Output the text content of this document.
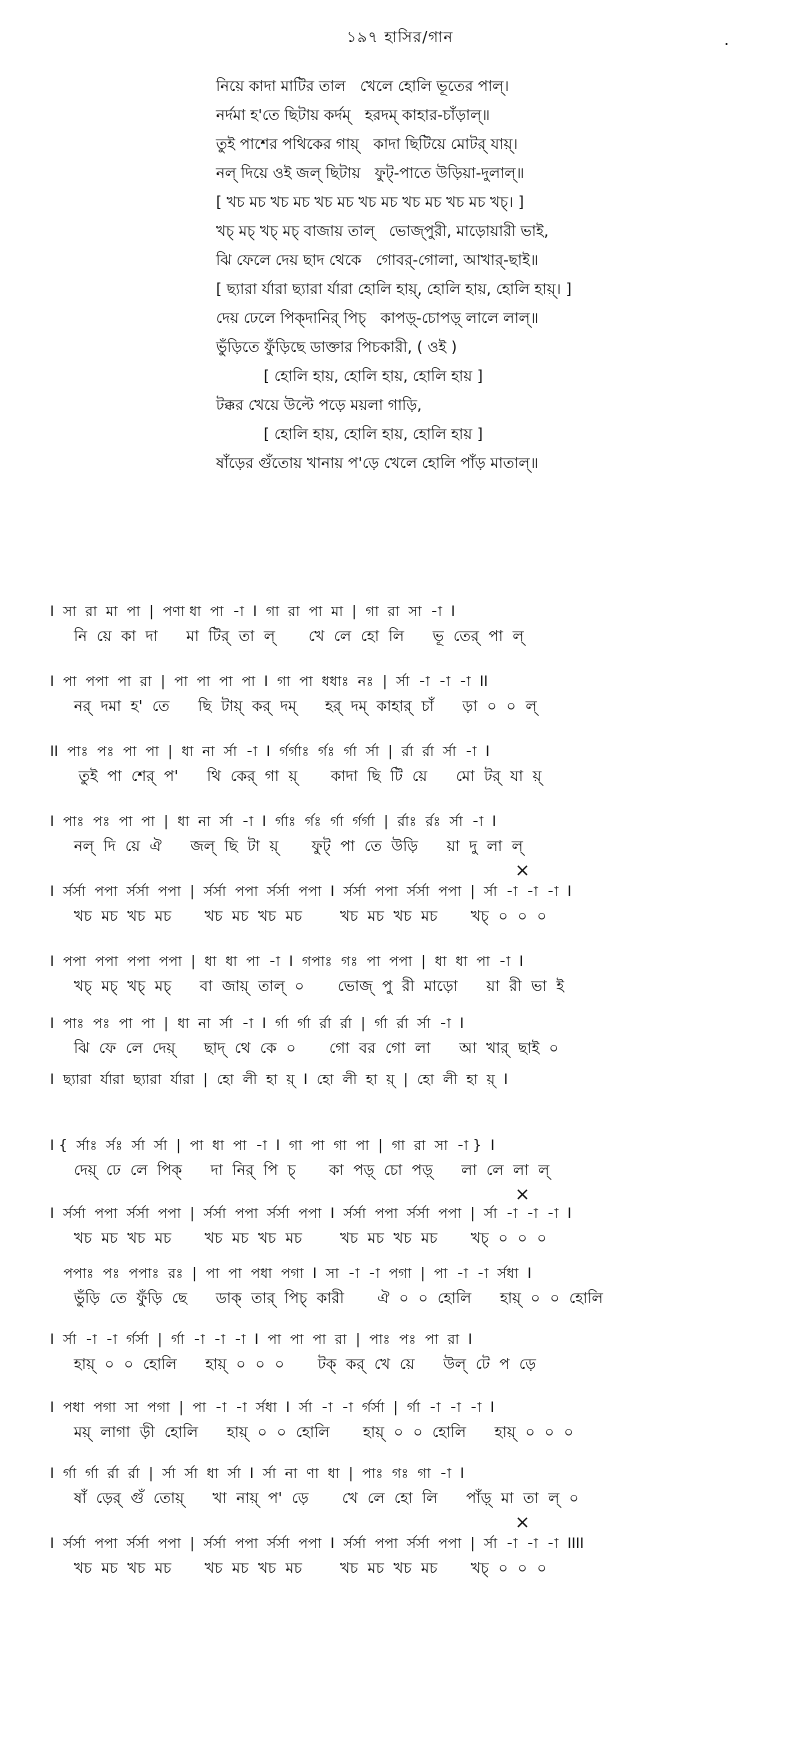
১৯৭ হাসির/গান	.
নিয়ে কাদা মাটির তাল   খেলে হোলি ভূতের পাল্।
নর্দমা হ'তে ছিটায় কর্দম্   হরদম্ কাহার-চাঁড়াল্॥
তুই পাশের পথিকের গায়্   কাদা ছিটিয়ে মোটর্ যায়্।
নল্ দিয়ে ওই জল্ ছিটায়   ফুট্-পাতে উড়িয়া-দুলাল্॥
[ খচ মচ খচ মচ খচ মচ খচ মচ খচ মচ খচ মচ খচ্। ]
খচ্ মচ্ খচ্ মচ্ বাজায় তাল্   ভোজ্পুরী, মাড়োয়ারী ভাই,
ঝি ফেলে দেয় ছাদ থেকে   গোবর্-গোলা, আখার্-ছাই॥
[ ছ্যারা র্যারা ছ্যারা র্যারা হোলি হায়্, হোলি হায়, হোলি হায়্। ]
দেয় ঢেলে পিক্দানির্ পিচ্   কাপড়্-চোপড়্ লালে লাল্॥
ভুঁড়িতে ফুঁড়িছে ডাক্তার পিচকারী, ( ওই )
[ হোলি হায়, হোলি হায়, হোলি হায় ]
টক্কর খেয়ে উল্টে পড়ে ময়লা গাড়ি,
[ হোলি হায়, হোলি হায়, হোলি হায় ]
ষাঁড়ের গুঁতোয় খানায় প'ড়ে খেলে হোলি পাঁড় মাতাল্॥
I  সা  রা  মা  পা  |  পণা ধা  পা  -া  I  গা  রা  পা  মা  |  গা  রা  সা  -া  I
নি  য়ে  কা  দা      মা  টির্  তা  ল্       খে  লে  হো  লি      ভূ  তের্  পা  ল্
I  পা  পপা  পা  রা  |  পা  পা  পা  পা  I  গা  পা  ধধাঃ  নঃ  |  র্সা  -া  -া  -া  II
নর্  দমা  হ'  তে      ছি  টায়্  কর্  দম্      হর্  দম্  কাহার্  চাঁ      ড়া  ০  ০  ল্
II  পাঃ  পঃ  পা  পা  |  ধা  না  র্সা  -া  I  র্গর্গাঃ  র্গঃ  র্গা  র্সা  |  র্রা  র্রা  র্সা  -া  I
তুই  পা  শের্  প'      থি  কের্  গা  য়্       কাদা  ছি  টি  য়ে      মো  টর্  যা  য়্
I  পাঃ  পঃ  পা  পা  |  ধা  না  র্সা  -া  I  র্গাঃ  র্গঃ  র্গা  র্গর্গা  |  র্রাঃ  র্রঃ  র্সা  -া  I
নল্  দি  য়ে  ঐ      জল্  ছি  টা  য়্       ফুট্  পা  তে  উড়ি      য়া  দু  লা  ল্
×
I  র্সর্সা  পপা  র্সর্সা  পপা  |  র্সর্সা  পপা  র্সর্সা  পপা  I  র্সর্সা  পপা  র্সর্সা  পপা  |  র্সা  -া  -া  -া  I
খচ  মচ  খচ  মচ       খচ  মচ  খচ  মচ        খচ  মচ  খচ  মচ       খচ্  ০  ০  ০
I  পপা  পপা  পপা  পপা  |  ধা  ধা  পা  -া  I  গপাঃ  গঃ  পা  পপা  |  ধা  ধা  পা  -া  I
খচ্  মচ্  খচ্  মচ্      বা  জায়্  তাল্  ০       ভোজ্  পু  রী  মাড়ো      য়া  রী  ভা  ই
I  পাঃ  পঃ  পা  পা  |  ধা  না  র্সা  -া  I  র্গা  র্গা  র্রা  র্রা  |  র্গা  র্রা  র্সা  -া  I
ঝি  ফে  লে  দেয়্      ছাদ্  থে  কে  ০       গো  বর  গো  লা      আ  খার্  ছাই  ০
I  ছ্যারা  র্যারা  ছ্যারা  র্যারা  |  হো  লী  হা  য়্  I  হো  লী  হা  য়্  |  হো  লী  হা  য়্  I
I {  র্সাঃ  র্সঃ  র্সা  র্সা  |  পা  ধা  পা  -া  I  গা  পা  গা  পা  |  গা  রা  সা  -া }  I
দেয়্  ঢে  লে  পিক্      দা  নির্  পি  চ্       কা  পড়্  চো  পড়্      লা  লে  লা  ল্
×
I  র্সর্সা  পপা  র্সর্সা  পপা  |  র্সর্সা  পপা  র্সর্সা  পপা  I  র্সর্সা  পপা  র্সর্সা  পপা  |  র্সা  -া  -া  -া  I
খচ  মচ  খচ  মচ       খচ  মচ  খচ  মচ        খচ  মচ  খচ  মচ       খচ্  ০  ০  ০
পপাঃ  পঃ  পপাঃ  রঃ  |  পা  পা  পধা  পগা  I  সা  -া  -া  পগা  |  পা  -া  -া  র্সধা  I
ভুঁড়ি  তে  ফুঁড়ি  ছে      ডাক্  তার্  পিচ্  কারী       ঐ  ০  ০  হোলি      হায়্  ০  ০  হোলি
I  র্সা  -া  -া  র্গর্সা  |  র্গা  -া  -া  -া  I  পা  পা  পা  রা  |  পাঃ  পঃ  পা  রা  I
হায়্  ০  ০  হোলি      হায়্  ০  ০  ০       টক্  কর্  খে  য়ে      উল্  টে  প  ড়ে
I  পধা  পগা  সা  পগা  |  পা  -া  -া  র্সধা  I  র্সা  -া  -া  র্গর্সা  |  র্গা  -া  -া  -া  I
ময়্  লাগা  ড়ী  হোলি      হায়্  ০  ০  হোলি       হায়্  ০  ০  হোলি      হায়্  ০  ০  ০
I  র্গা  র্গা  র্রা  র্রা  |  র্সা  র্সা  ধা  র্সা  I  র্সা  না  ণা  ধা  |  পাঃ  গঃ  গা  -া  I
ষাঁ  ড়ের্  গুঁ  তোয়্      খা  নায়্  প'  ড়ে       খে  লে  হো  লি      পাঁড়্  মা  তা  ল্  ০
×
I  র্সর্সা  পপা  র্সর্সা  পপা  |  র্সর্সা  পপা  র্সর্সা  পপা  I  র্সর্সা  পপা  র্সর্সা  পপা  |  র্সা  -া  -া  -া  IIII
খচ  মচ  খচ  মচ       খচ  মচ  খচ  মচ        খচ  মচ  খচ  মচ       খচ্  ০  ০  ০
